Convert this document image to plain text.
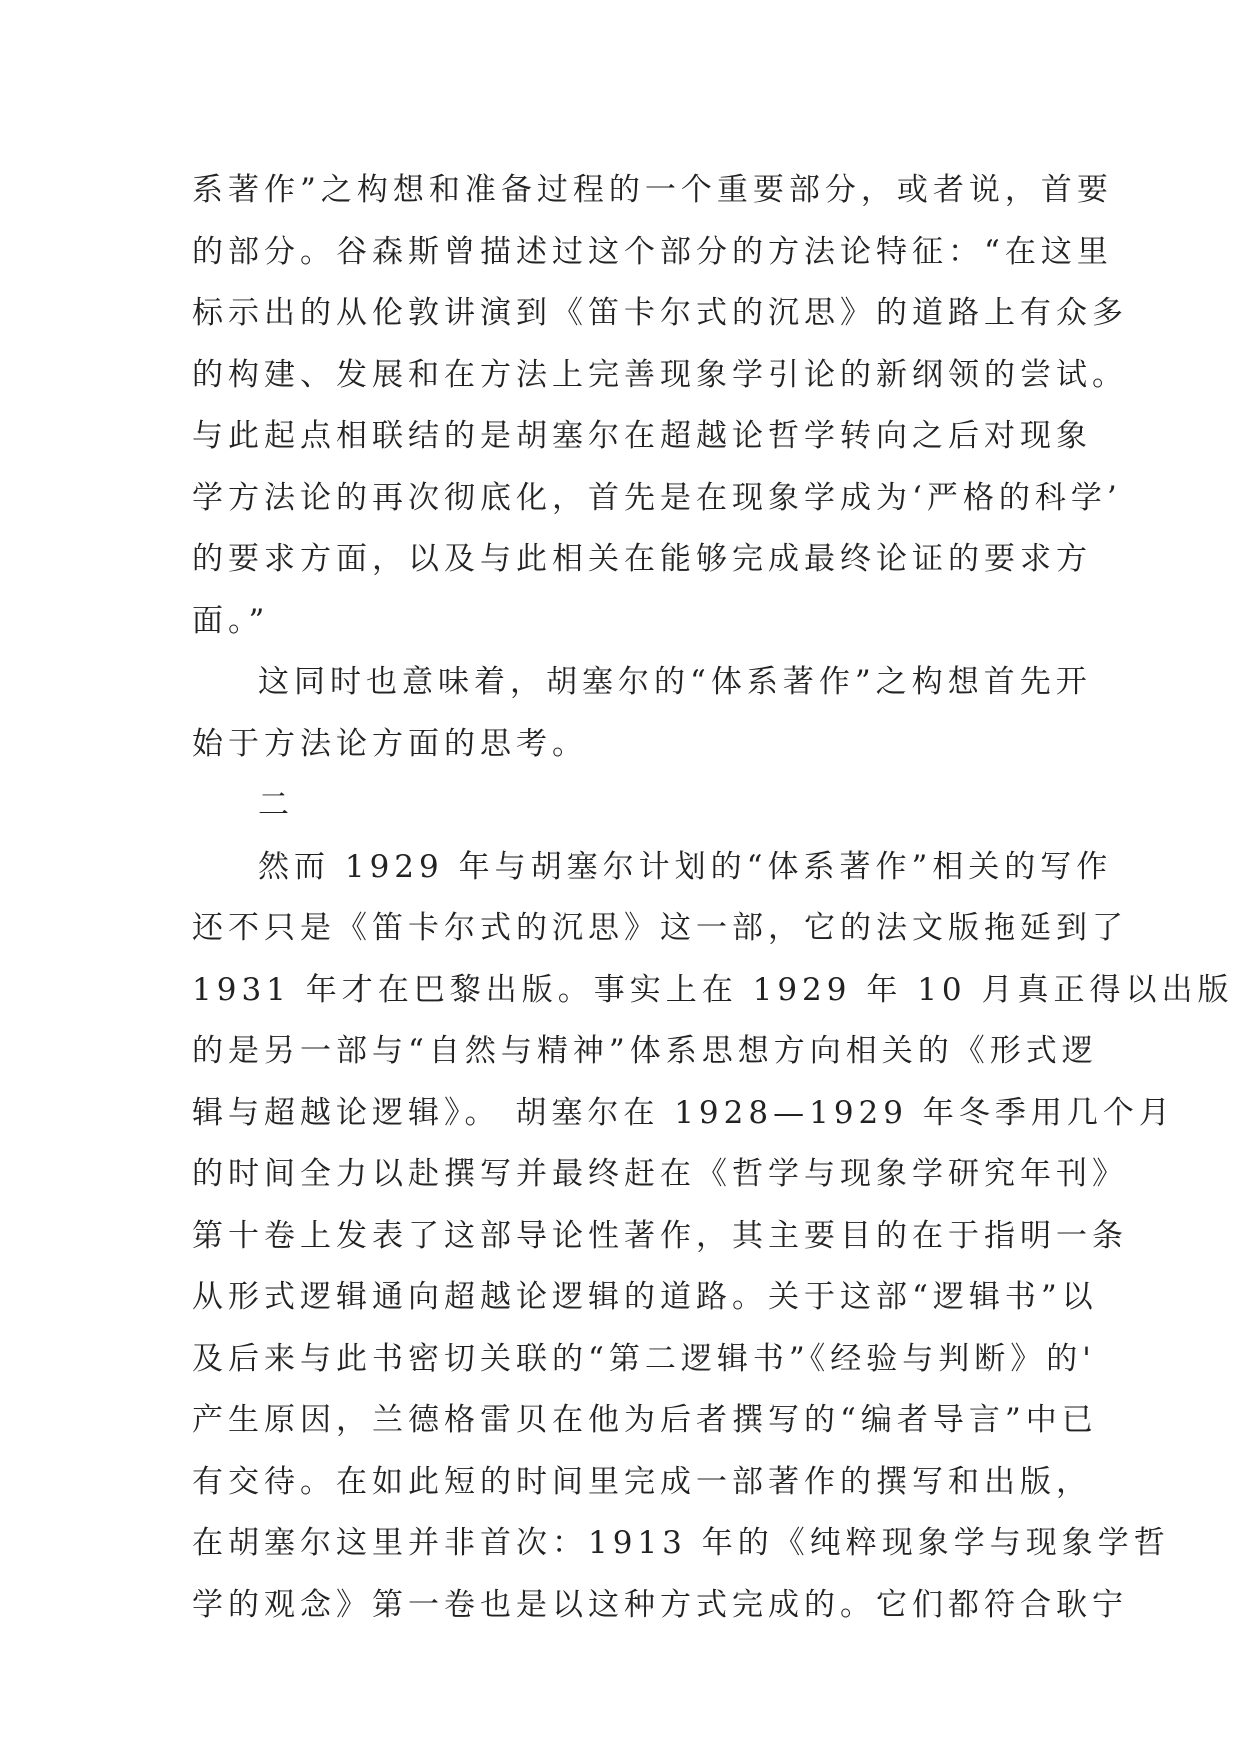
系著作”之构想和准备过程的一个重要部分，或者说，首要
的部分。谷森斯曾描述过这个部分的方法论特征：“在这里
标示出的从伦敦讲演到《笛卡尔式的沉思》的道路上有众多
的构建、发展和在方法上完善现象学引论的新纲领的尝试。
与此起点相联结的是胡塞尔在超越论哲学转向之后对现象
学方法论的再次彻底化，首先是在现象学成为‘严格的科学’
的要求方面，以及与此相关在能够完成最终论证的要求方
面。”
这同时也意味着，胡塞尔的“体系著作”之构想首先开
始于方法论方面的思考。
二
然而 1929 年与胡塞尔计划的“体系著作”相关的写作
还不只是《笛卡尔式的沉思》这一部，它的法文版拖延到了
1931 年才在巴黎出版。事实上在 1929 年 10 月真正得以出版
的是另一部与“自然与精神”体系思想方向相关的《形式逻
辑与超越论逻辑》。 胡塞尔在 1928—1929 年冬季用几个月
的时间全力以赴撰写并最终赶在《哲学与现象学研究年刊》
第十卷上发表了这部导论性著作，其主要目的在于指明一条
从形式逻辑通向超越论逻辑的道路。关于这部“逻辑书”以
及后来与此书密切关联的“第二逻辑书”《经验与判断》的'
产生原因，兰德格雷贝在他为后者撰写的“编者导言”中已
有交待。在如此短的时间里完成一部著作的撰写和出版，
在胡塞尔这里并非首次：1913 年的《纯粹现象学与现象学哲
学的观念》第一卷也是以这种方式完成的。它们都符合耿宁
